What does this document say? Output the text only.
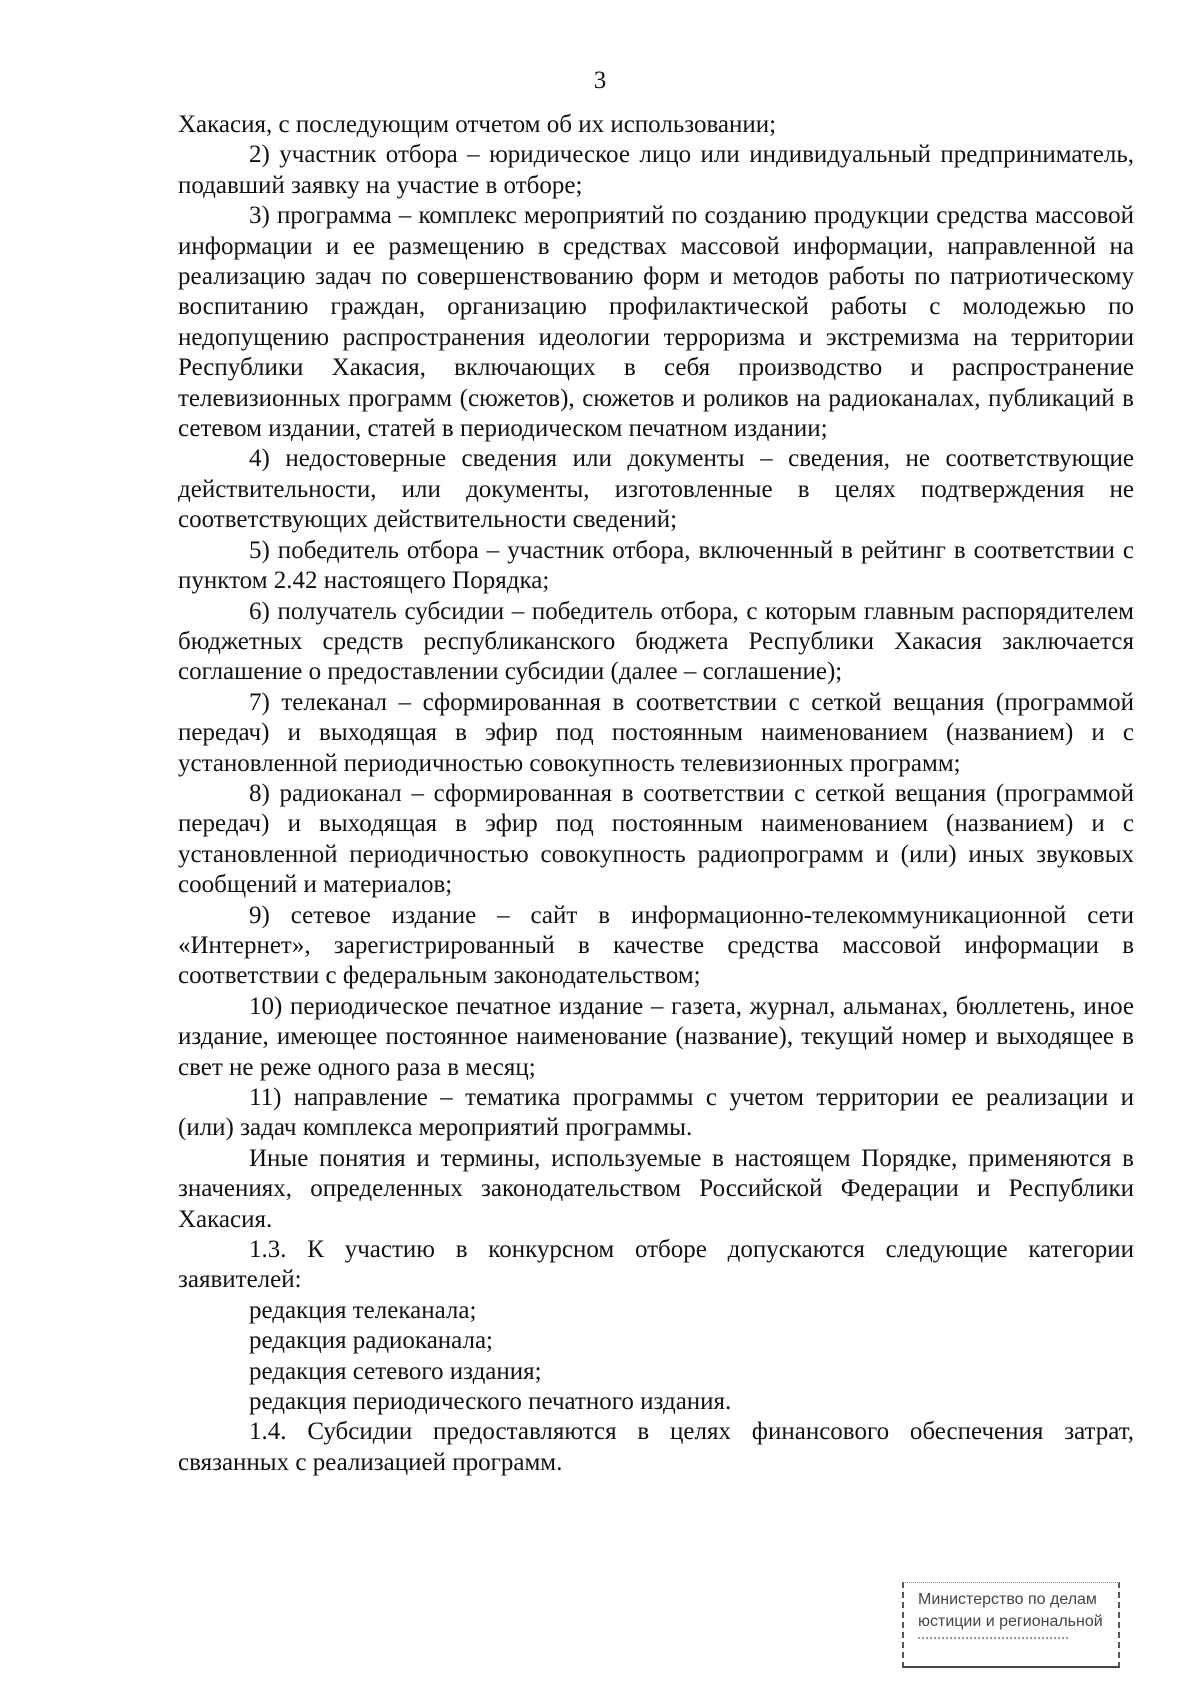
3

Хакасия, с последующим отчетом об их использовании;

2) участник отбора – юридическое лицо или индивидуальный предприниматель, подавший заявку на участие в отборе;

3) программа – комплекс мероприятий по созданию продукции средства массовой информации и ее размещению в средствах массовой информации, направленной на реализацию задач по совершенствованию форм и методов работы по патриотическому воспитанию граждан, организацию профилактической работы с молодежью по недопущению распространения идеологии терроризма и экстремизма на территории Республики Хакасия, включающих в себя производство и распространение телевизионных программ (сюжетов), сюжетов и роликов на радиоканалах, публикаций в сетевом издании, статей в периодическом печатном издании;

4) недостоверные сведения или документы – сведения, не соответствующие действительности, или документы, изготовленные в целях подтверждения не соответствующих действительности сведений;

5) победитель отбора – участник отбора, включенный в рейтинг в соответствии с пунктом 2.42 настоящего Порядка;

6) получатель субсидии – победитель отбора, с которым главным распорядителем бюджетных средств республиканского бюджета Республики Хакасия заключается соглашение о предоставлении субсидии (далее – соглашение);

7) телеканал – сформированная в соответствии с сеткой вещания (программой передач) и выходящая в эфир под постоянным наименованием (названием) и с установленной периодичностью совокупность телевизионных программ;

8) радиоканал – сформированная в соответствии с сеткой вещания (программой передач) и выходящая в эфир под постоянным наименованием (названием) и с установленной периодичностью совокупность радиопрограмм и (или) иных звуковых сообщений и материалов;

9) сетевое издание – сайт в информационно-телекоммуникационной сети «Интернет», зарегистрированный в качестве средства массовой информации в соответствии с федеральным законодательством;

10) периодическое печатное издание – газета, журнал, альманах, бюллетень, иное издание, имеющее постоянное наименование (название), текущий номер и выходящее в свет не реже одного раза в месяц;

11) направление – тематика программы с учетом территории ее реализации и (или) задач комплекса мероприятий программы.

Иные понятия и термины, используемые в настоящем Порядке, применяются в значениях, определенных законодательством Российской Федерации и Республики Хакасия.

1.3. К участию в конкурсном отборе допускаются следующие категории заявителей:

редакция телеканала;

редакция радиоканала;

редакция сетевого издания;

редакция периодического печатного издания.

1.4. Субсидии предоставляются в целях финансового обеспечения затрат, связанных с реализацией программ.

Министерство по делам
юстиции и региональной
